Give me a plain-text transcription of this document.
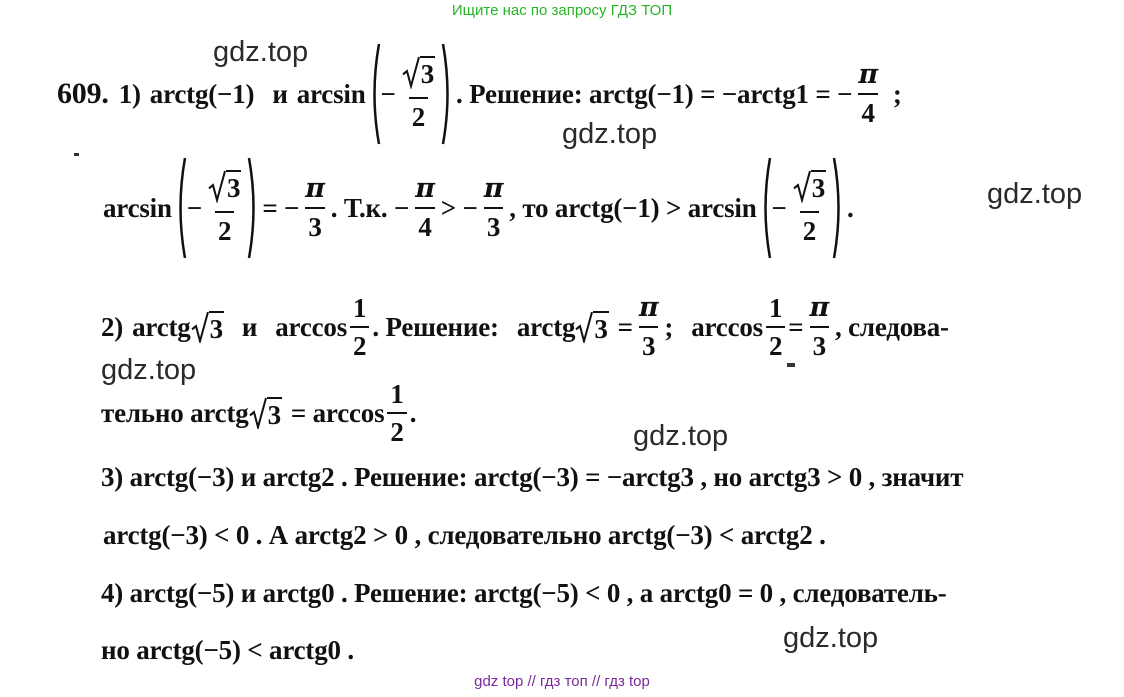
Ищите нас по запросу ГДЗ ТОП
gdz.top
gdz.top
gdz.top
gdz.top
gdz.top
gdz.top
609. 1) arctg(−1) и $\arcsin - \frac{3}{2}$ . Решение: arctg(−1) = −arctg1 = − $\frac{\pi}{4}$ ;
$\arcsin - \frac{3}{2}$ = − $\frac{\pi}{3}$ . Т.к. − $\frac{\pi}{4}$ > − $\frac{\pi}{3}$ , то arctg(−1) > $\arcsin - \frac{3}{2}$ .
2) arctg 3 и $\arccos \frac{1}{2}$ . Решение: arctg $3 = \frac{\pi}{3}$ ; $\arccos \frac{1}{2} = \frac{\pi}{3}$ , следова-
тельно arctg $3 = \arccos \frac{1}{2}$ .
3) arctg(−3) и arctg2 . Решение: arctg(−3) = −arctg3 , но arctg3 > 0 , значит
arctg(−3) < 0 . А arctg2 > 0 , следовательно arctg(−3) < arctg2 .
4) arctg(−5) и arctg0 . Решение: arctg(−5) < 0 , а arctg0 = 0 , следователь-
но arctg(−5) < arctg0 .
gdz top // гдз топ // гдз top
